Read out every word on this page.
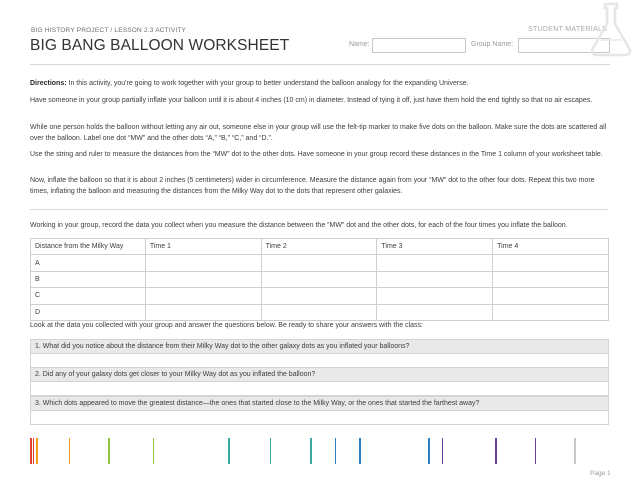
BIG HISTORY PROJECT / LESSON 2.3 ACTIVITY
BIG BANG BALLOON WORKSHEET	Name:	Group Name:
STUDENT MATERIALS
Directions: In this activity, you're going to work together with your group to better understand the balloon analogy for the expanding Universe.
Have someone in your group partially inflate your balloon until it is about 4 inches (10 cm) in diameter. Instead of tying it off, just have them hold the end tightly so that no air escapes.
While one person holds the balloon without letting any air out, someone else in your group will use the felt-tip marker to make five dots on the balloon. Make sure the dots are scattered all over the balloon. Label one dot “MW” and the other dots “A,” “B,” “C,” and “D.”.
Use the string and ruler to measure the distances from the “MW” dot to the other dots. Have someone in your group record these distances in the Time 1 column of your worksheet table.
Now, inflate the balloon so that it is about 2 inches (5 centimeters) wider in circumference. Measure the distance again from your “MW” dot to the other four dots. Repeat this two more times, inflating the balloon and measuring the distances from the Milky Way dot to the dots that represent other galaxies.
Working in your group, record the data you collect when you measure the distance between the “MW” dot and the other dots, for each of the four times you inflate the balloon.
Distance from the Milky Way	Time 1	Time 2	Time 3	Time 4
A				
B				
C				
D				
Look at the data you collected with your group and answer the questions below. Be ready to share your answers with the class:
1. What did you notice about the distance from their Milky Way dot to the other galaxy dots as you inflated your balloons?
2. Did any of your galaxy dots get closer to your Milky Way dot as you inflated the balloon?
3. Which dots appeared to move the greatest distance—the ones that started close to the Milky Way, or the ones that started the farthest away?
Page 1
